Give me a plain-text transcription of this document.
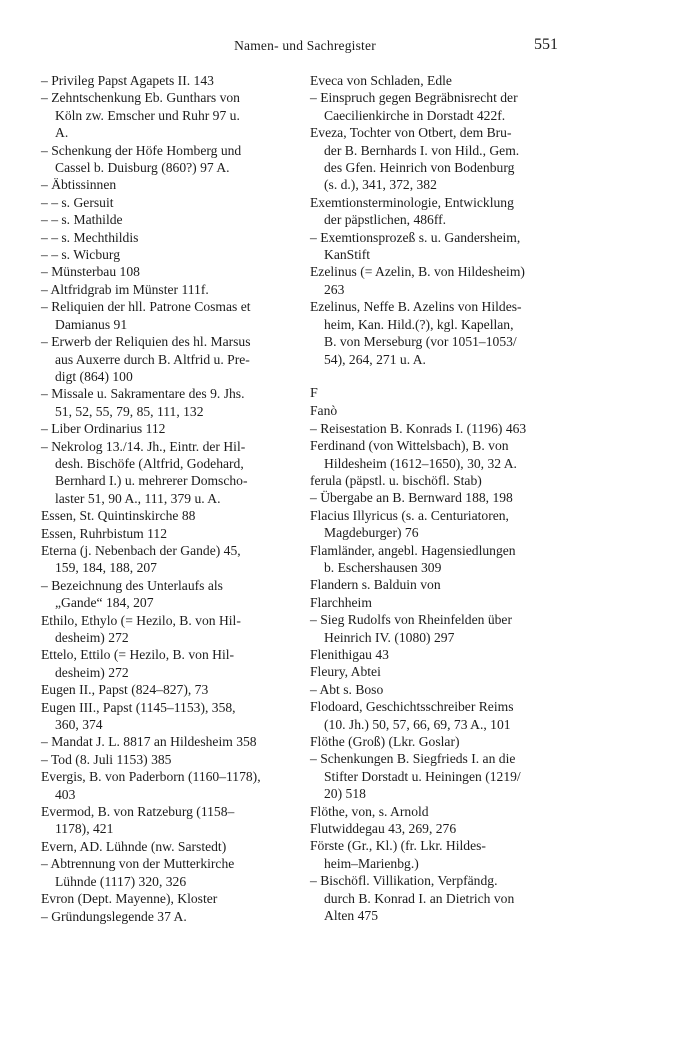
Namen- und Sachregister	551
– Privileg Papst Agapets II. 143
– Zehntschenkung Eb. Gunthars von
Köln zw. Emscher und Ruhr 97 u.
A.
– Schenkung der Höfe Homberg und
Cassel b. Duisburg (860?) 97 A.
– Äbtissinnen
– – s. Gersuit
– – s. Mathilde
– – s. Mechthildis
– – s. Wicburg
– Münsterbau 108
– Altfridgrab im Münster 111f.
– Reliquien der hll. Patrone Cosmas et
Damianus 91
– Erwerb der Reliquien des hl. Marsus
aus Auxerre durch B. Altfrid u. Pre-
digt (864) 100
– Missale u. Sakramentare des 9. Jhs.
51, 52, 55, 79, 85, 111, 132
– Liber Ordinarius 112
– Nekrolog 13./14. Jh., Eintr. der Hil-
desh. Bischöfe (Altfrid, Godehard,
Bernhard I.) u. mehrerer Domscho-
laster 51, 90 A., 111, 379 u. A.
Essen, St. Quintinskirche 88
Essen, Ruhrbistum 112
Eterna (j. Nebenbach der Gande) 45,
159, 184, 188, 207
– Bezeichnung des Unterlaufs als
„Gande“ 184, 207
Ethilo, Ethylo (= Hezilo, B. von Hil-
desheim) 272
Ettelo, Ettilo (= Hezilo, B. von Hil-
desheim) 272
Eugen II., Papst (824–827), 73
Eugen III., Papst (1145–1153), 358,
360, 374
– Mandat J. L. 8817 an Hildesheim 358
– Tod (8. Juli 1153) 385
Evergis, B. von Paderborn (1160–1178),
403
Evermod, B. von Ratzeburg (1158–
1178), 421
Evern, AD. Lühnde (nw. Sarstedt)
– Abtrennung von der Mutterkirche
Lühnde (1117) 320, 326
Evron (Dept. Mayenne), Kloster
– Gründungslegende 37 A.
Eveca von Schladen, Edle
– Einspruch gegen Begräbnisrecht der
Caecilienkirche in Dorstadt 422f.
Eveza, Tochter von Otbert, dem Bru-
der B. Bernhards I. von Hild., Gem.
des Gfen. Heinrich von Bodenburg
(s. d.), 341, 372, 382
Exemtionsterminologie, Entwicklung
der päpstlichen, 486ff.
– Exemtionsprozeß s. u. Gandersheim,
KanStift
Ezelinus (= Azelin, B. von Hildesheim)
263
Ezelinus, Neffe B. Azelins von Hildes-
heim, Kan. Hild.(?), kgl. Kapellan,
B. von Merseburg (vor 1051–1053/
54), 264, 271 u. A.
F
Fanò
– Reisestation B. Konrads I. (1196) 463
Ferdinand (von Wittelsbach), B. von
Hildesheim (1612–1650), 30, 32 A.
ferula (päpstl. u. bischöfl. Stab)
– Übergabe an B. Bernward 188, 198
Flacius Illyricus (s. a. Centuriatoren,
Magdeburger) 76
Flamländer, angebl. Hagensiedlungen
b. Eschershausen 309
Flandern s. Balduin von
Flarchheim
– Sieg Rudolfs von Rheinfelden über
Heinrich IV. (1080) 297
Flenithigau 43
Fleury, Abtei
– Abt s. Boso
Flodoard, Geschichtsschreiber Reims
(10. Jh.) 50, 57, 66, 69, 73 A., 101
Flöthe (Groß) (Lkr. Goslar)
– Schenkungen B. Siegfrieds I. an die
Stifter Dorstadt u. Heiningen (1219/
20) 518
Flöthe, von, s. Arnold
Flutwiddegau 43, 269, 276
Förste (Gr., Kl.) (fr. Lkr. Hildes-
heim–Marienbg.)
– Bischöfl. Villikation, Verpfändg.
durch B. Konrad I. an Dietrich von
Alten 475
